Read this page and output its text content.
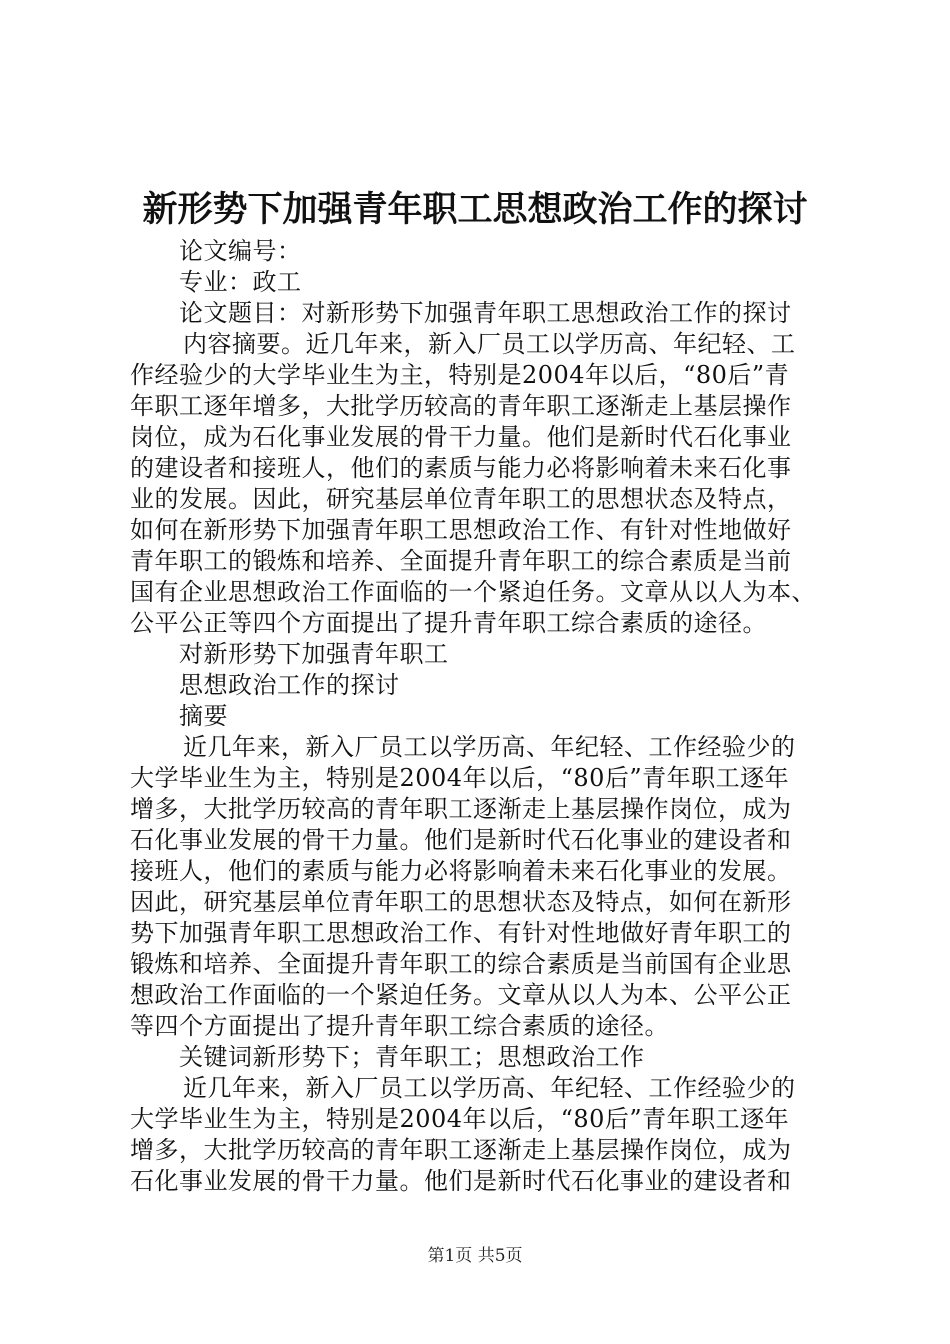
新形势下加强青年职工思想政治工作的探讨
论文编号：
专业：政工
论文题目：对新形势下加强青年职工思想政治工作的探讨
内容摘要。近几年来，新入厂员工以学历高、年纪轻、工
作经验少的大学毕业生为主，特别是2004年以后，“80后”青
年职工逐年增多，大批学历较高的青年职工逐渐走上基层操作
岗位，成为石化事业发展的骨干力量。他们是新时代石化事业
的建设者和接班人，他们的素质与能力必将影响着未来石化事
业的发展。因此，研究基层单位青年职工的思想状态及特点，
如何在新形势下加强青年职工思想政治工作、有针对性地做好
青年职工的锻炼和培养、全面提升青年职工的综合素质是当前
国有企业思想政治工作面临的一个紧迫任务。文章从以人为本、
公平公正等四个方面提出了提升青年职工综合素质的途径。
对新形势下加强青年职工
思想政治工作的探讨
摘要
近几年来，新入厂员工以学历高、年纪轻、工作经验少的
大学毕业生为主，特别是2004年以后，“80后”青年职工逐年
增多，大批学历较高的青年职工逐渐走上基层操作岗位，成为
石化事业发展的骨干力量。他们是新时代石化事业的建设者和
接班人，他们的素质与能力必将影响着未来石化事业的发展。
因此，研究基层单位青年职工的思想状态及特点，如何在新形
势下加强青年职工思想政治工作、有针对性地做好青年职工的
锻炼和培养、全面提升青年职工的综合素质是当前国有企业思
想政治工作面临的一个紧迫任务。文章从以人为本、公平公正
等四个方面提出了提升青年职工综合素质的途径。
关键词新形势下；青年职工；思想政治工作
近几年来，新入厂员工以学历高、年纪轻、工作经验少的
大学毕业生为主，特别是2004年以后，“80后”青年职工逐年
增多，大批学历较高的青年职工逐渐走上基层操作岗位，成为
石化事业发展的骨干力量。他们是新时代石化事业的建设者和
第1页 共5页
